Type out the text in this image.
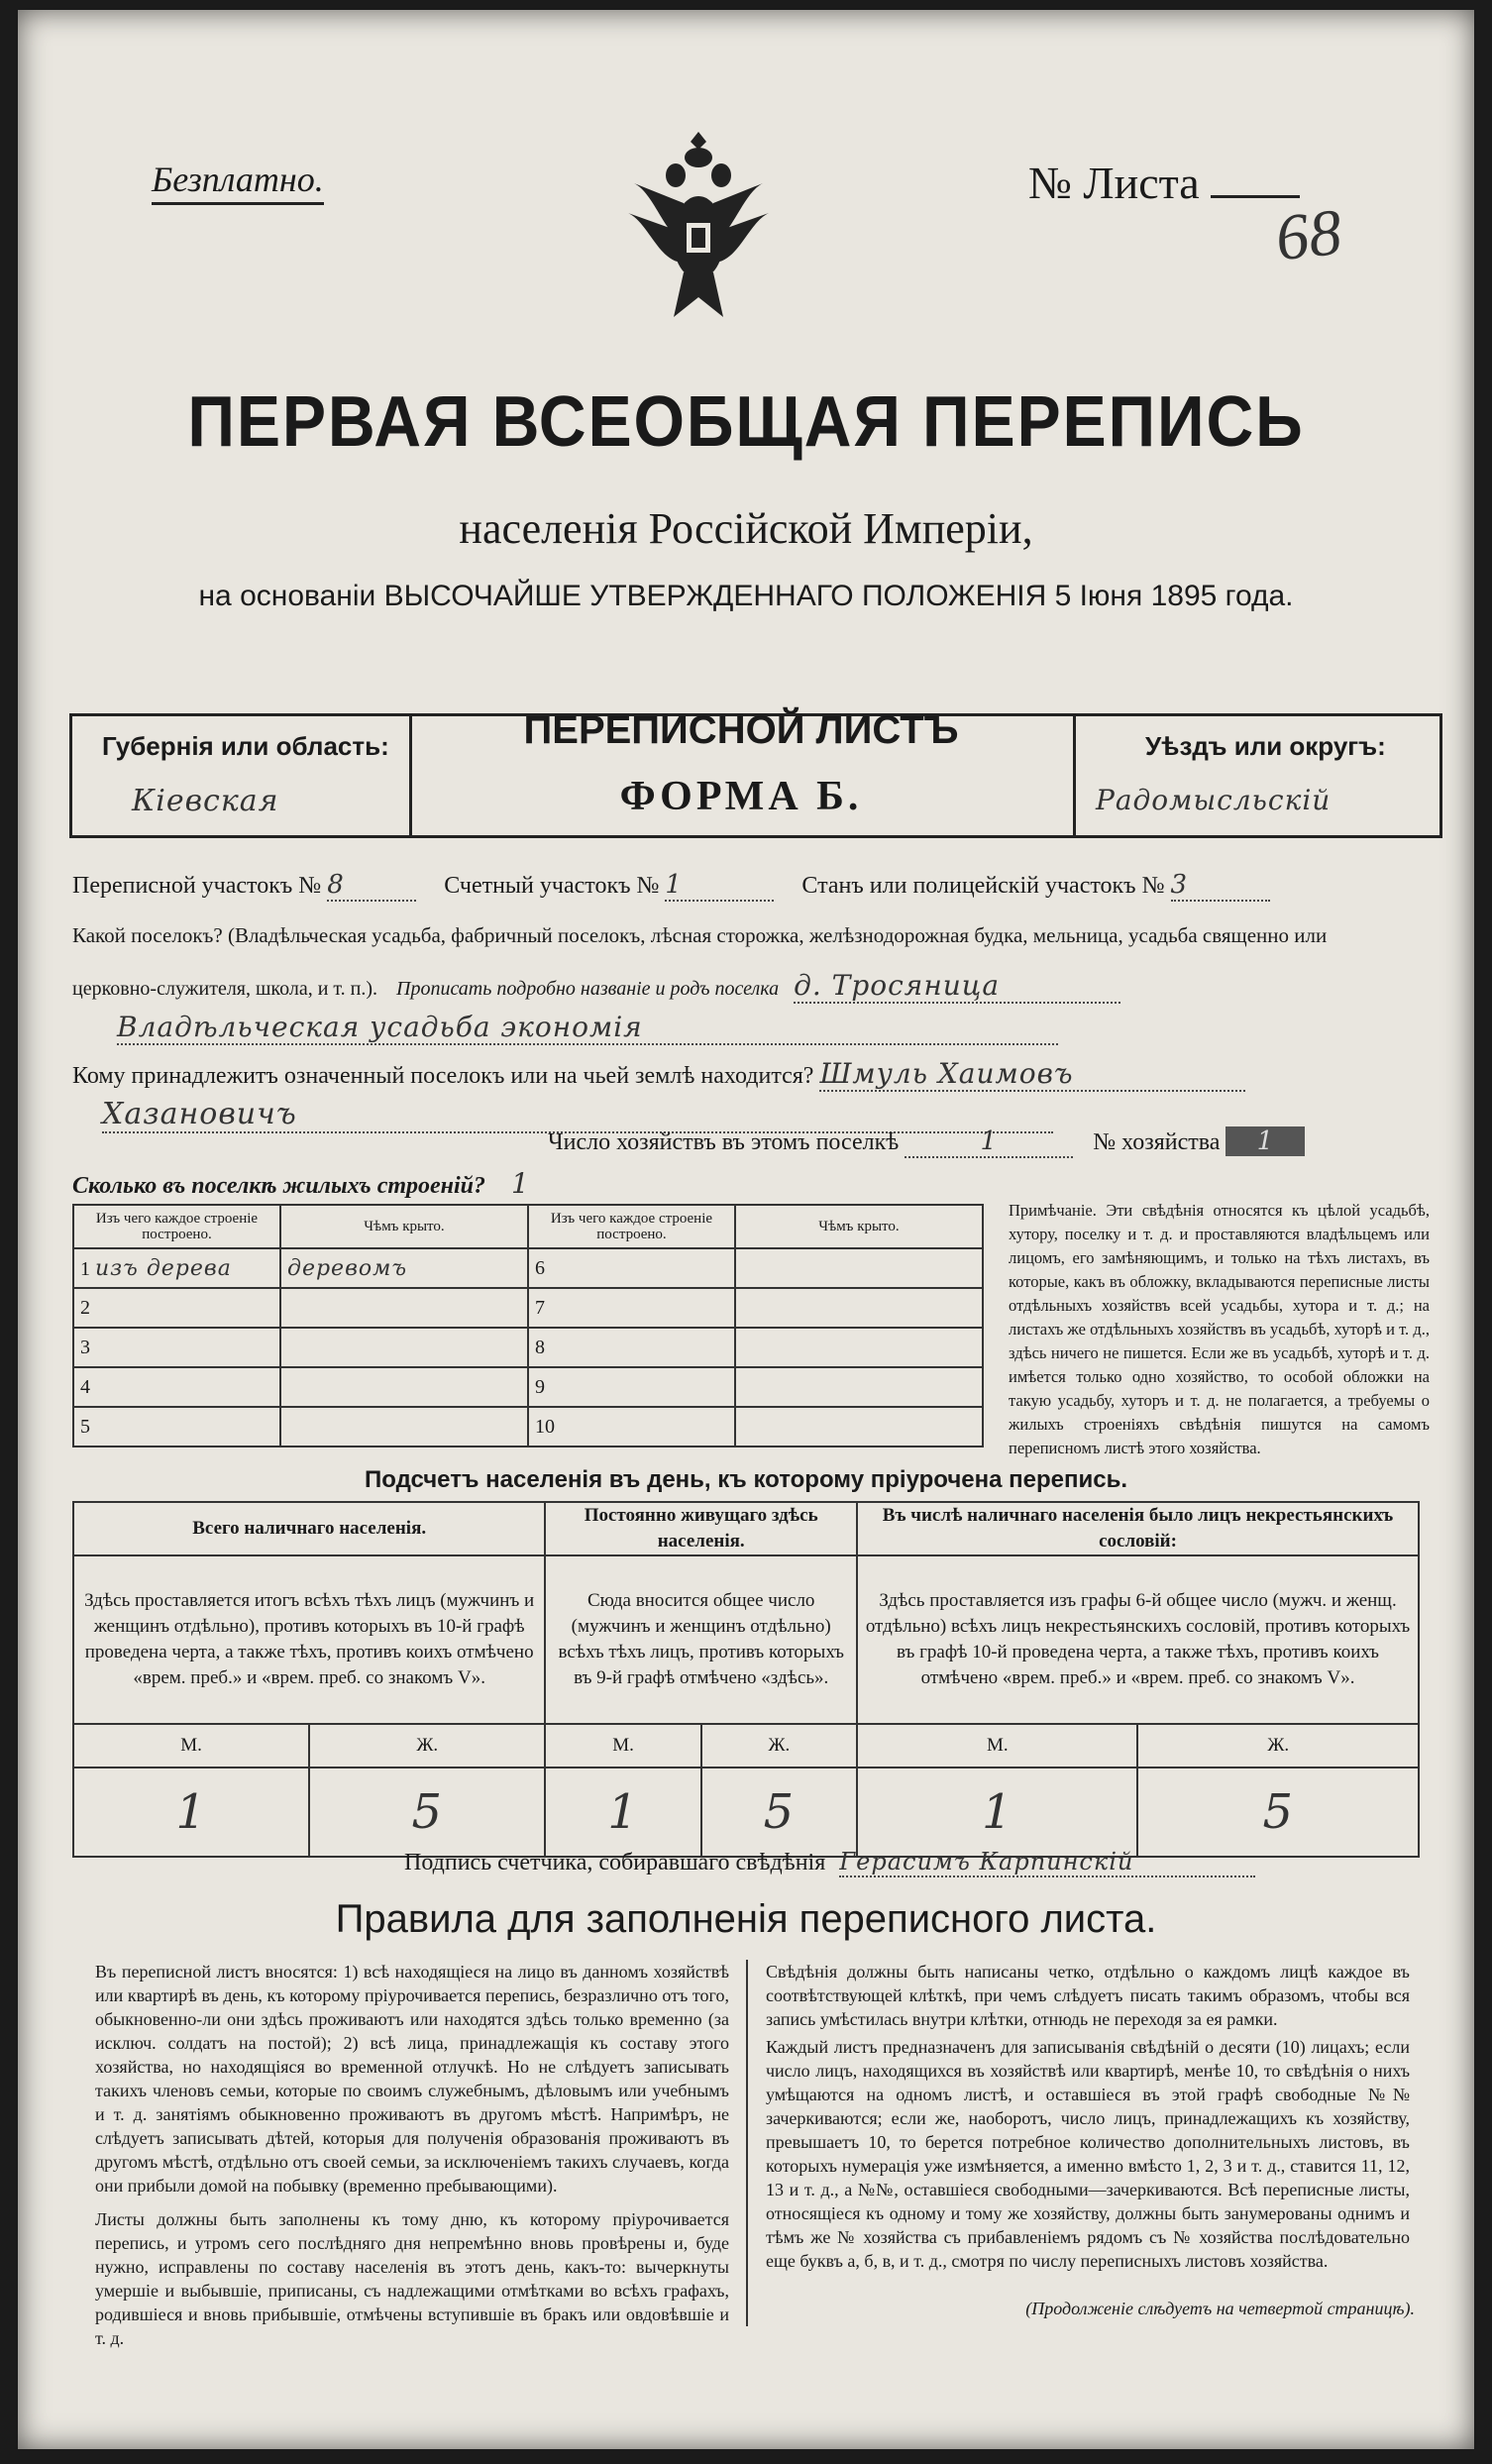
Безплатно.	№ Листа
68
ПЕРВАЯ ВСЕОБЩАЯ ПЕРЕПИСЬ
населенія Россійской Имперіи,
на основаніи ВЫСОЧАЙШЕ УТВЕРЖДЕННАГО ПОЛОЖЕНІЯ 5 Іюня 1895 года.
Губернія или область:
Кіевская
Уѣздъ или округъ:
Радомысльскій
ПЕРЕПИСНОЙ ЛИСТЪ
ФОРМА Б.
Переписной участокъ № 8	Счетный участокъ № 1	Станъ или полицейскій участокъ № 3
Какой поселокъ? (Владѣльческая усадьба, фабричный поселокъ, лѣсная сторожка, желѣзнодорожная будка, мельница, усадьба священно или
церковно-служителя, школа, и т. п.). Прописать подробно названіе и родъ поселка д. Тросяница
Владѣльческая усадьба экономія
Кому принадлежитъ означенный поселокъ или на чьей землѣ находится? Шмуль Хаимовъ
Хазановичъ
Число хозяйствъ въ этомъ поселкѣ	1	№ хозяйства 1
Сколько въ поселкѣ жилыхъ строеній? 1
Изъ чего каждое строеніе построено.	Чѣмъ крыто.	Изъ чего каждое строеніе построено.	Чѣмъ крыто.
1 изъ дерева	деревомъ	6	
2		7	
3		8	
4		9	
5		10	
Примѣчаніе. Эти свѣдѣнія относятся къ цѣлой усадьбѣ, хутору, поселку и т. д. и проставляются владѣльцемъ или лицомъ, его замѣняющимъ, и только на тѣхъ листахъ, въ которые, какъ въ обложку, вкладываются переписные листы отдѣльныхъ хозяйствъ всей усадьбы, хутора и т. д.; на листахъ же отдѣльныхъ хозяйствъ въ усадьбѣ, хуторѣ и т. д., здѣсь ничего не пишется. Если же въ усадьбѣ, хуторѣ и т. д. имѣется только одно хозяйство, то особой обложки на такую усадьбу, хуторъ и т. д. не полагается, а требуемы о жилыхъ строеніяхъ свѣдѣнія пишутся на самомъ переписномъ листѣ этого хозяйства.
Подсчетъ населенія въ день, къ которому пріурочена перепись.
Всего наличнаго населенія.		Постоянно живущаго здѣсь населенія.		Въ числѣ наличнаго населенія было лицъ некрестьянскихъ сословій:	
Здѣсь проставляется итогъ всѣхъ тѣхъ лицъ (мужчинъ и женщинъ отдѣльно), противъ которыхъ въ 10-й графѣ проведена черта, а также тѣхъ, противъ коихъ отмѣчено «врем. преб.» и «врем. преб. со знакомъ V».		Сюда вносится общее число (мужчинъ и женщинъ отдѣльно) всѣхъ тѣхъ лицъ, противъ которыхъ въ 9-й графѣ отмѣчено «здѣсь».		Здѣсь проставляется изъ графы 6-й общее число (мужч. и женщ. отдѣльно) всѣхъ лицъ некрестьянскихъ сословій, противъ которыхъ въ графѣ 10-й проведена черта, а также тѣхъ, противъ коихъ отмѣчено «врем. преб.» и «врем. преб. со знакомъ V».	
М.	Ж.	М.	Ж.	М.	Ж.
1	5	1	5	1	5
Подпись счетчика, собиравшаго свѣдѣнія Герасимъ Карпинскій
Правила для заполненія переписного листа.
Въ переписной листъ вносятся: 1) всѣ находящіеся на лицо въ данномъ хозяйствѣ или квартирѣ въ день, къ которому пріурочивается перепись, безразлично отъ того, обыкновенно-ли они здѣсь проживаютъ или находятся здѣсь только временно (за исключ. солдатъ на постой); 2) всѣ лица, принадлежащія къ составу этого хозяйства, но находящіяся во временной отлучкѣ. Но не слѣдуетъ записывать такихъ членовъ семьи, которые по своимъ служебнымъ, дѣловымъ или учебнымъ и т. д. занятіямъ обыкновенно проживаютъ въ другомъ мѣстѣ. Напримѣръ, не слѣдуетъ записывать дѣтей, которыя для полученія образованія проживаютъ въ другомъ мѣстѣ, отдѣльно отъ своей семьи, за исключеніемъ такихъ случаевъ, когда они прибыли домой на побывку (временно пребывающими).
Листы должны быть заполнены къ тому дню, къ которому пріурочивается перепись, и утромъ сего послѣдняго дня непремѣнно вновь провѣрены и, буде нужно, исправлены по составу населенія въ этотъ день, какъ-то: вычеркнуты умершіе и выбывшіе, приписаны, съ надлежащими отмѣтками во всѣхъ графахъ, родившіеся и вновь прибывшіе, отмѣчены вступившіе въ бракъ или овдовѣвшіе и т. д.
Свѣдѣнія должны быть написаны четко, отдѣльно о каждомъ лицѣ каждое въ соотвѣтствующей клѣткѣ, при чемъ слѣдуетъ писать такимъ образомъ, чтобы вся запись умѣстилась внутри клѣтки, отнюдь не переходя за ея рамки.
Каждый листъ предназначенъ для записыванія свѣдѣній о десяти (10) лицахъ; если число лицъ, находящихся въ хозяйствѣ или квартирѣ, менѣе 10, то свѣдѣнія о нихъ умѣщаются на одномъ листѣ, и оставшіеся въ этой графѣ свободные №№ зачеркиваются; если же, наоборотъ, число лицъ, принадлежащихъ къ хозяйству, превышаетъ 10, то берется потребное количество дополнительныхъ листовъ, въ которыхъ нумерація уже измѣняется, а именно вмѣсто 1, 2, 3 и т. д., ставится 11, 12, 13 и т. д., а №№, оставшіеся свободными—зачеркиваются. Всѣ переписные листы, относящіеся къ одному и тому же хозяйству, должны быть занумерованы однимъ и тѣмъ же № хозяйства съ прибавленіемъ рядомъ съ № хозяйства послѣдовательно еще буквъ а, б, в, и т. д., смотря по числу переписныхъ листовъ хозяйства.
(Продолженіе слѣдуетъ на четвертой страницѣ).
